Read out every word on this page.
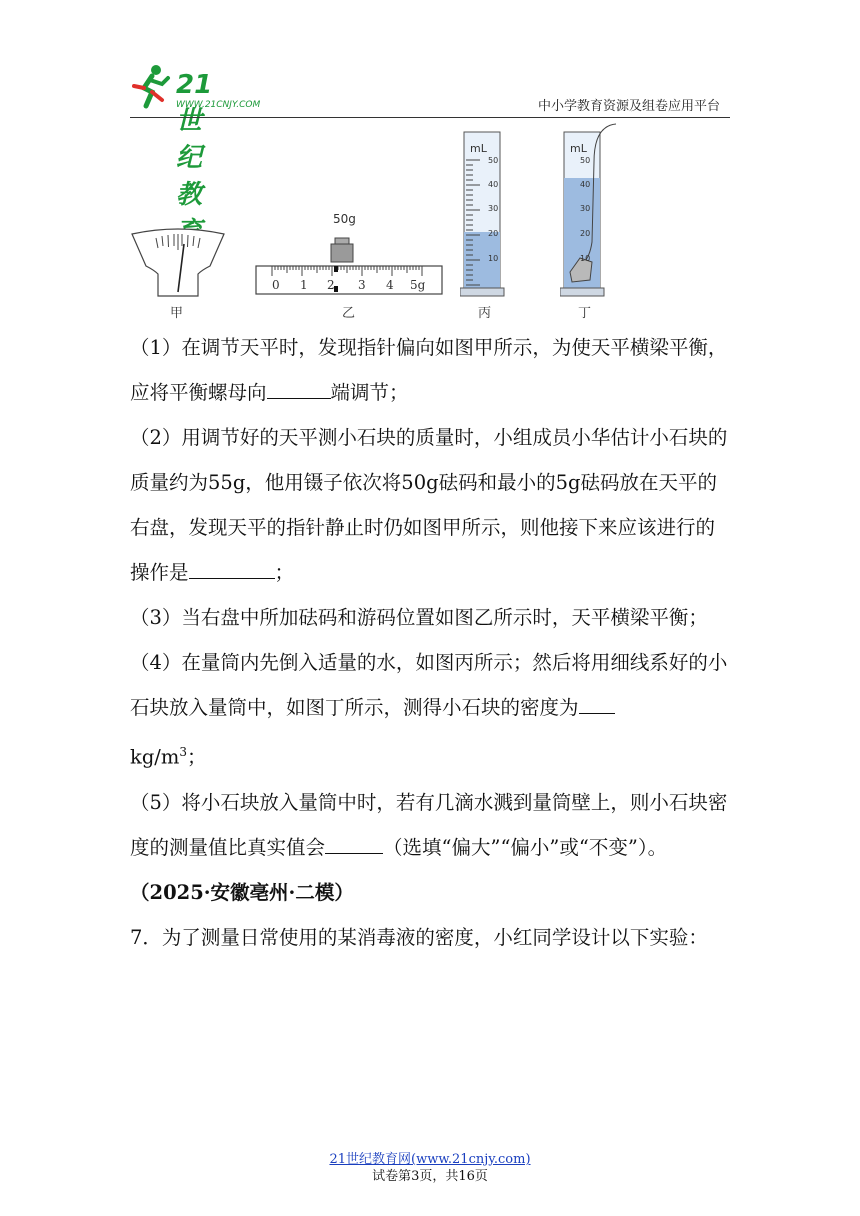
21世纪教
WWW.21CNJY.COM	中小学教育资源及组卷应用平台
甲
50g
0 1 2 3 4 5g
乙
mL
丙
mL
丁
50
40
30
20
10
50
40
30
20
10

（1）在调节天平时，发现指针偏向如图甲所示，为使天平横梁平衡，应将平衡螺母向	端调节；

（2）用调节好的天平测小石块的质量时，小组成员小华估计小石块的质量约为55g，他用镊子依次将50g砝码和最小的5g砝码放在天平的右盘，发现天平的指针静止时仍如图甲所示，则他接下来应该进行的操作是	；

（3）当右盘中所加砝码和游码位置如图乙所示时，天平横梁平衡；

（4）在量筒内先倒入适量的水，如图丙所示；然后将用细线系好的小石块放入量筒中，如图丁所示，测得小石块的密度为
$kg/m^3$；

（5）将小石块放入量筒中时，若有几滴水溅到量筒壁上，则小石块密度的测量值比真实值会	（选填“偏大”“偏小”或“不变”）。

（2025·安徽亳州·二模）

7．为了测量日常使用的某消毒液的密度，小红同学设计以下实验：

21世纪教育网(www.21cnjy.com)
试卷第3页，共16页
